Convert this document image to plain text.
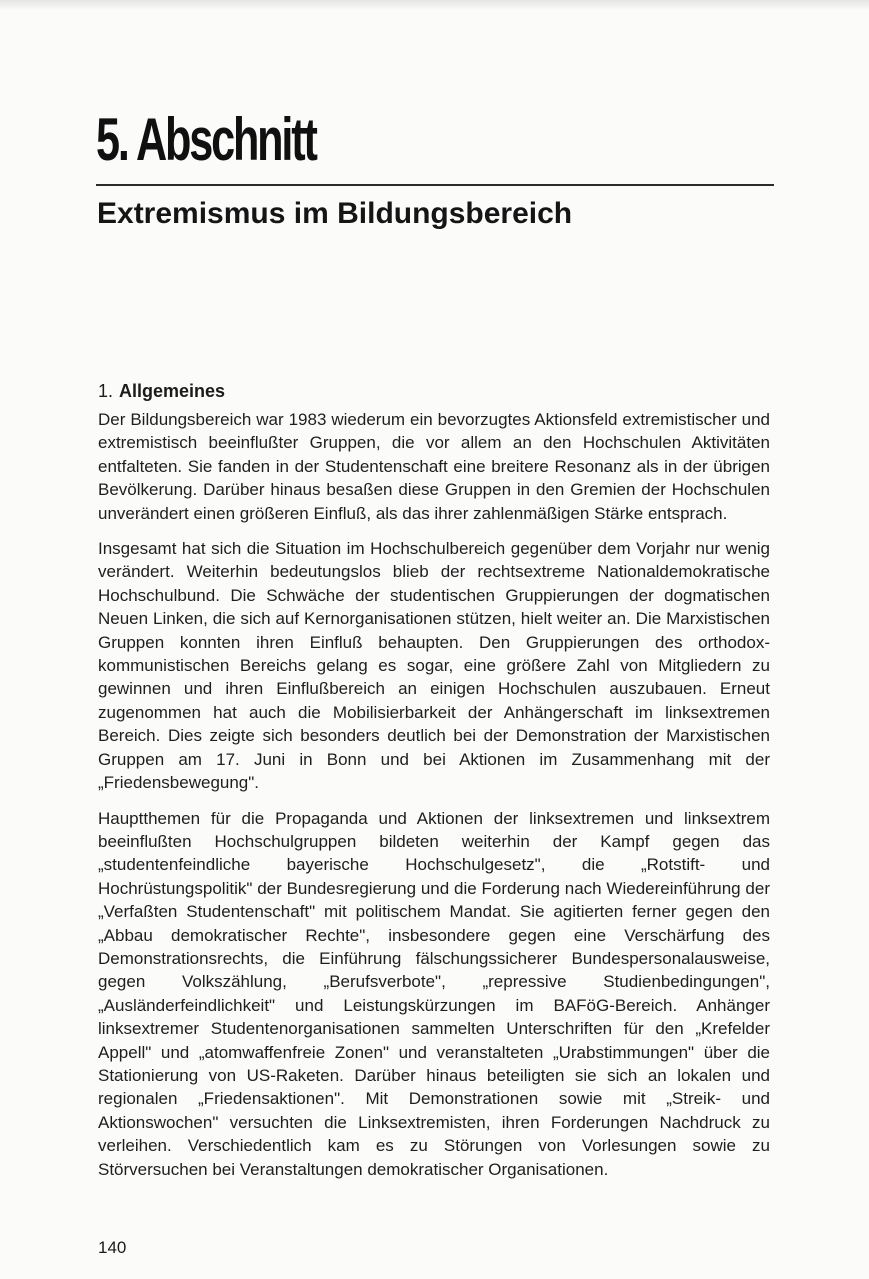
5. Abschnitt
Extremismus im Bildungsbereich
1. Allgemeines

Der Bildungsbereich war 1983 wiederum ein bevorzugtes Aktionsfeld extremistischer und extremistisch beeinflußter Gruppen, die vor allem an den Hochschulen Aktivitäten entfalteten. Sie fanden in der Studentenschaft eine breitere Resonanz als in der übrigen Bevölkerung. Darüber hinaus besaßen diese Gruppen in den Gremien der Hochschulen unverändert einen größeren Einfluß, als das ihrer zahlenmäßigen Stärke entsprach.

Insgesamt hat sich die Situation im Hochschulbereich gegenüber dem Vorjahr nur wenig verändert. Weiterhin bedeutungslos blieb der rechtsextreme Nationaldemokratische Hochschulbund. Die Schwäche der studentischen Gruppierungen der dogmatischen Neuen Linken, die sich auf Kernorganisationen stützen, hielt weiter an. Die Marxistischen Gruppen konnten ihren Einfluß behaupten. Den Gruppierungen des orthodox-kommunistischen Bereichs gelang es sogar, eine größere Zahl von Mitgliedern zu gewinnen und ihren Einflußbereich an einigen Hochschulen auszubauen. Erneut zugenommen hat auch die Mobilisierbarkeit der Anhängerschaft im linksextremen Bereich. Dies zeigte sich besonders deutlich bei der Demonstration der Marxistischen Gruppen am 17. Juni in Bonn und bei Aktionen im Zusammenhang mit der „Friedensbewegung".

Hauptthemen für die Propaganda und Aktionen der linksextremen und linksextrem beeinflußten Hochschulgruppen bildeten weiterhin der Kampf gegen das „studentenfeindliche bayerische Hochschulgesetz", die „Rotstift- und Hochrüstungspolitik" der Bundesregierung und die Forderung nach Wiedereinführung der „Verfaßten Studentenschaft" mit politischem Mandat. Sie agitierten ferner gegen den „Abbau demokratischer Rechte", insbesondere gegen eine Verschärfung des Demonstrationsrechts, die Einführung fälschungssicherer Bundespersonalausweise, gegen Volkszählung, „Berufsverbote", „repressive Studienbedingungen", „Ausländerfeindlichkeit" und Leistungskürzungen im BAFöG-Bereich. Anhänger linksextremer Studentenorganisationen sammelten Unterschriften für den „Krefelder Appell" und „atomwaffenfreie Zonen" und veranstalteten „Urabstimmungen" über die Stationierung von US-Raketen. Darüber hinaus beteiligten sie sich an lokalen und regionalen „Friedensaktionen". Mit Demonstrationen sowie mit „Streik- und Aktionswochen" versuchten die Linksextremisten, ihren Forderungen Nachdruck zu verleihen. Verschiedentlich kam es zu Störungen von Vorlesungen sowie zu Störversuchen bei Veranstaltungen demokratischer Organisationen.

140
